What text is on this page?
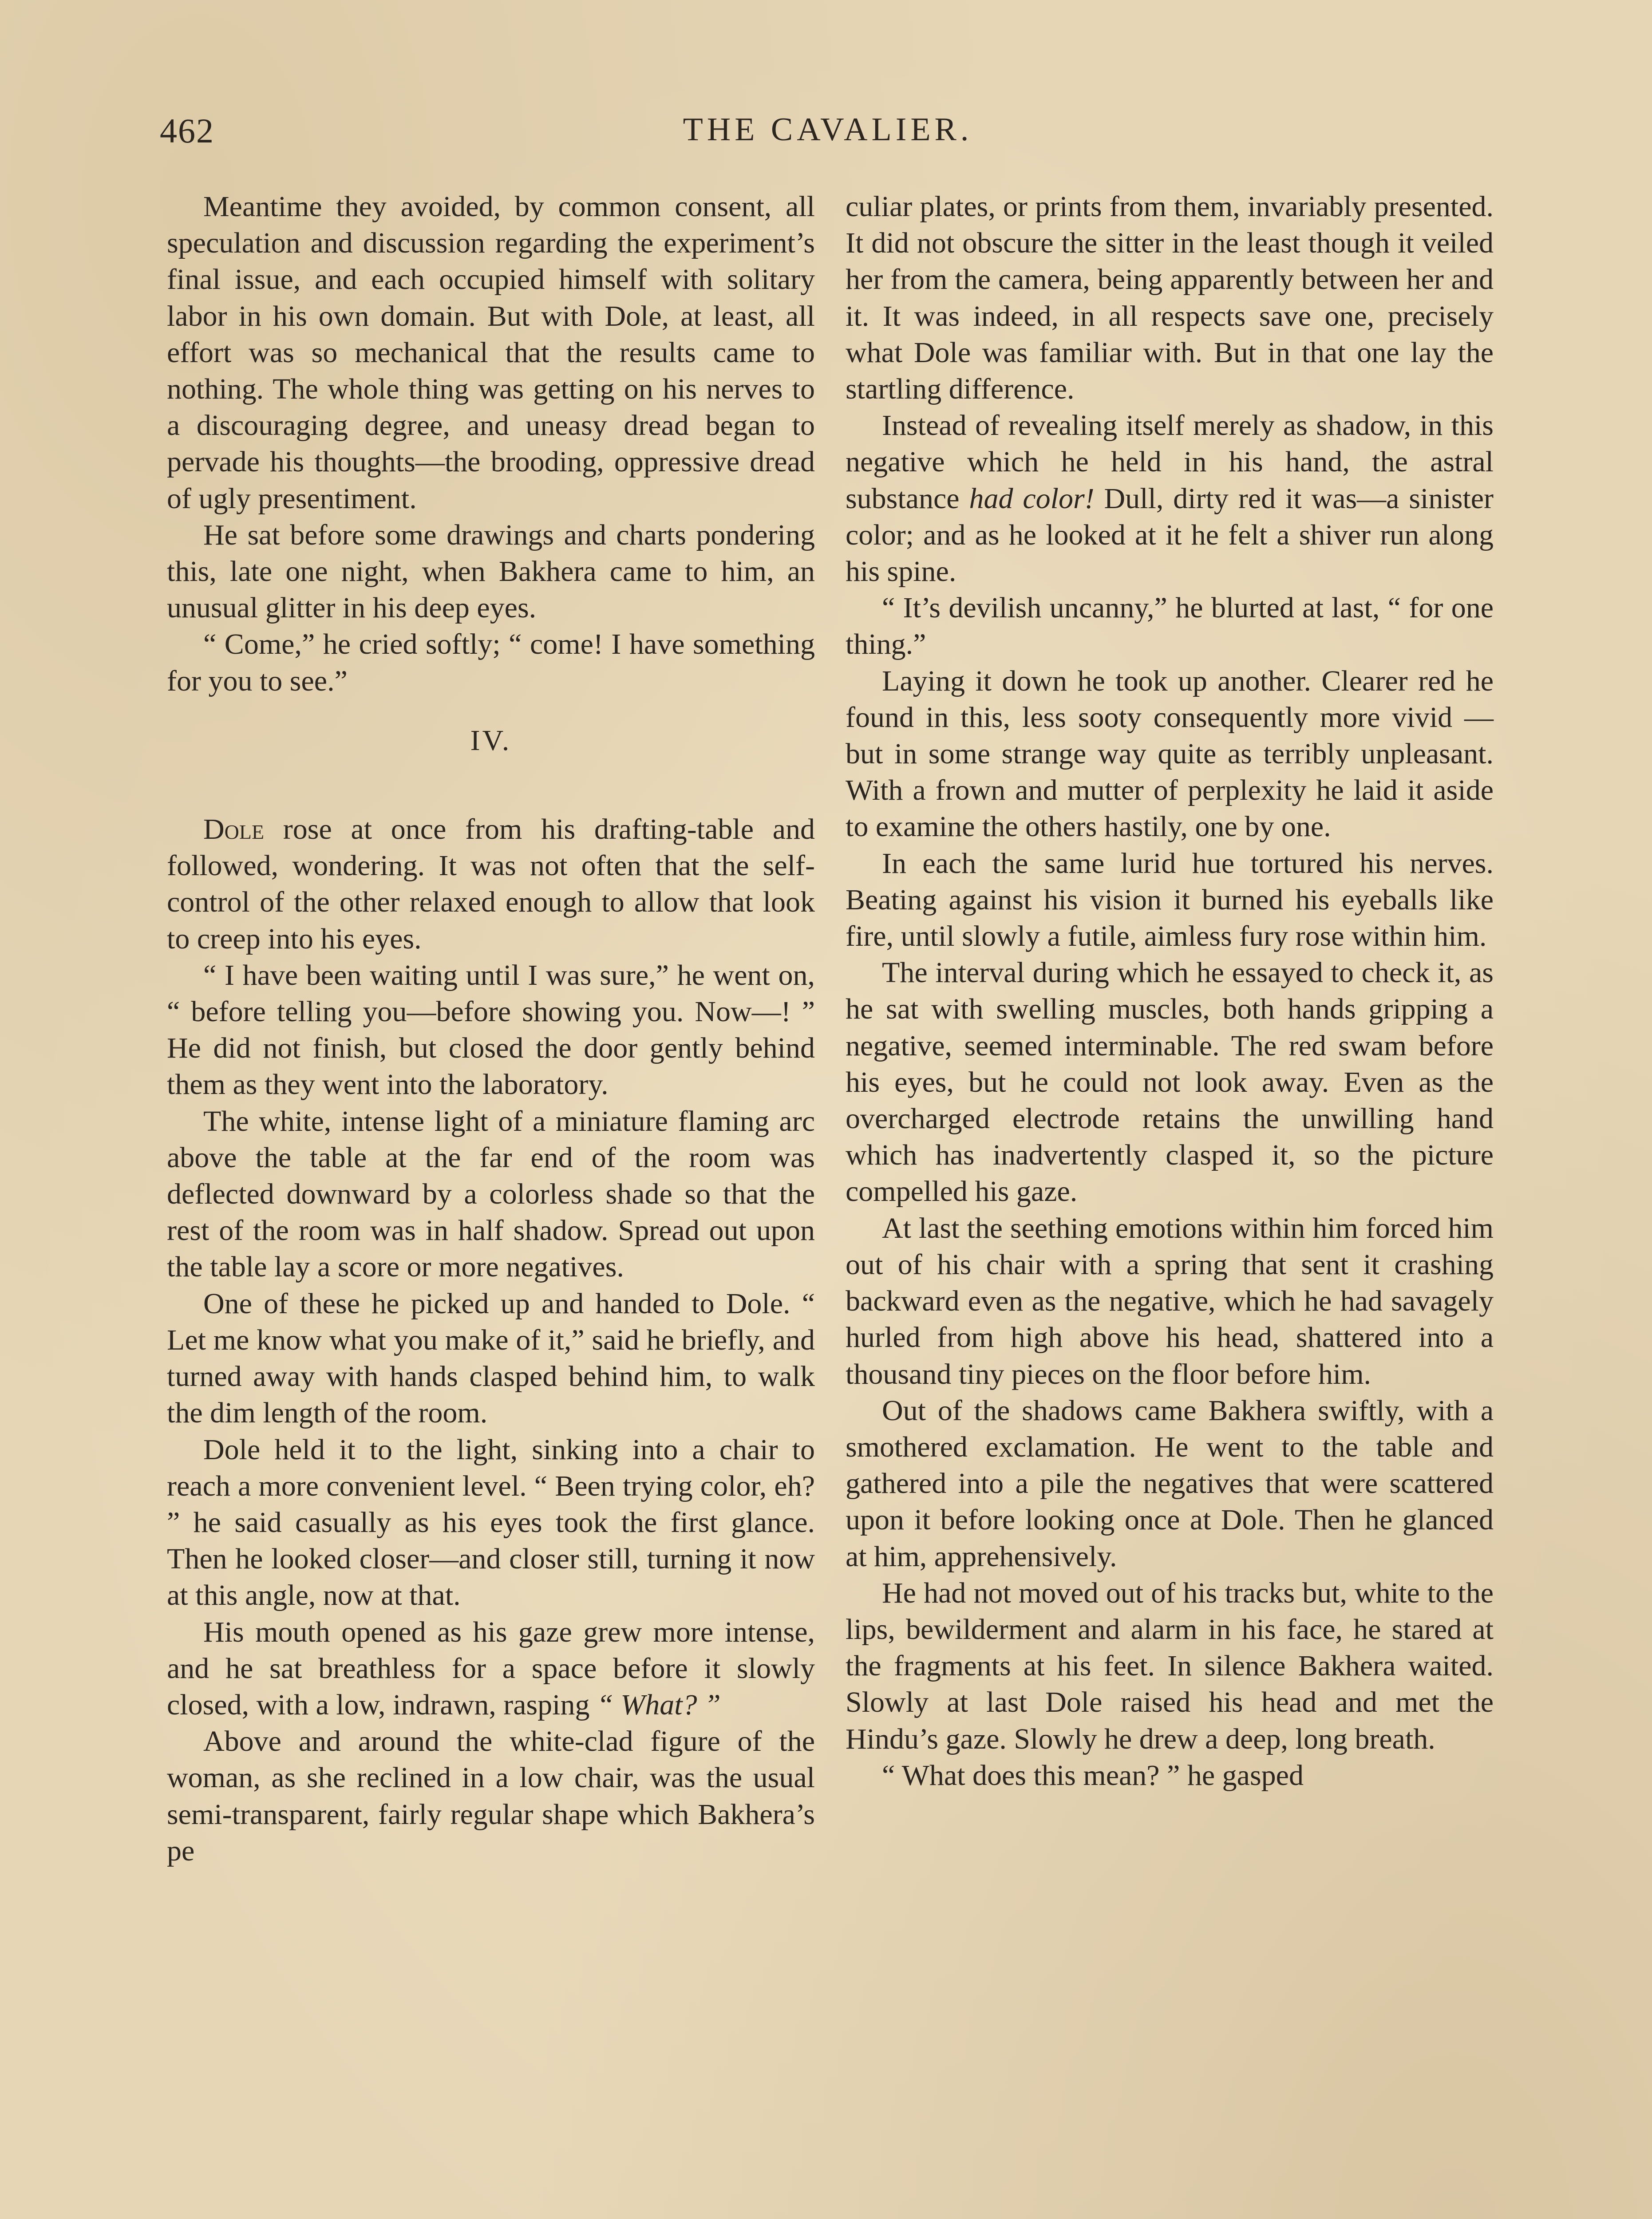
462	THE CAVALIER.

Meantime they avoided, by common consent, all speculation and discussion regarding the experiment’s final issue, and each occupied himself with solitary labor in his own domain. But with Dole, at least, all effort was so mechanical that the results came to nothing. The whole thing was getting on his nerves to a discouraging degree, and uneasy dread began to pervade his thoughts—the brooding, oppressive dread of ugly presentiment.

He sat before some drawings and charts pondering this, late one night, when Bakhera came to him, an unusual glitter in his deep eyes.

“ Come,” he cried softly; “ come! I have something for you to see.”

IV.

Dole rose at once from his drafting-table and followed, wondering. It was not often that the self-control of the other relaxed enough to allow that look to creep into his eyes.

“ I have been waiting until I was sure,” he went on, “ before telling you—before showing you. Now—! ” He did not finish, but closed the door gently behind them as they went into the laboratory.

The white, intense light of a miniature flaming arc above the table at the far end of the room was deflected downward by a colorless shade so that the rest of the room was in half shadow. Spread out upon the table lay a score or more negatives.

One of these he picked up and handed to Dole. “ Let me know what you make of it,” said he briefly, and turned away with hands clasped behind him, to walk the dim length of the room.

Dole held it to the light, sinking into a chair to reach a more convenient level. “ Been trying color, eh? ” he said casually as his eyes took the first glance. Then he looked closer—and closer still, turning it now at this angle, now at that.

His mouth opened as his gaze grew more intense, and he sat breathless for a space before it slowly closed, with a low, indrawn, rasping “ What? ”

Above and around the white-clad figure of the woman, as she reclined in a low chair, was the usual semi-transparent, fairly regular shape which Bakhera’s pe

culiar plates, or prints from them, invariably presented. It did not obscure the sitter in the least though it veiled her from the camera, being apparently between her and it. It was indeed, in all respects save one, precisely what Dole was familiar with. But in that one lay the startling difference.

Instead of revealing itself merely as shadow, in this negative which he held in his hand, the astral substance had color! Dull, dirty red it was—a sinister color; and as he looked at it he felt a shiver run along his spine.

“ It’s devilish uncanny,” he blurted at last, “ for one thing.”

Laying it down he took up another. Clearer red he found in this, less sooty consequently more vivid — but in some strange way quite as terribly unpleasant. With a frown and mutter of perplexity he laid it aside to examine the others hastily, one by one.

In each the same lurid hue tortured his nerves. Beating against his vision it burned his eyeballs like fire, until slowly a futile, aimless fury rose within him.

The interval during which he essayed to check it, as he sat with swelling muscles, both hands gripping a negative, seemed interminable. The red swam before his eyes, but he could not look away. Even as the overcharged electrode retains the unwilling hand which has inadvertently clasped it, so the picture compelled his gaze.

At last the seething emotions within him forced him out of his chair with a spring that sent it crashing backward even as the negative, which he had savagely hurled from high above his head, shattered into a thousand tiny pieces on the floor before him.

Out of the shadows came Bakhera swiftly, with a smothered exclamation. He went to the table and gathered into a pile the negatives that were scattered upon it before looking once at Dole. Then he glanced at him, apprehensively.

He had not moved out of his tracks but, white to the lips, bewilderment and alarm in his face, he stared at the fragments at his feet. In silence Bakhera waited. Slowly at last Dole raised his head and met the Hindu’s gaze. Slowly he drew a deep, long breath.

“ What does this mean? ” he gasped
